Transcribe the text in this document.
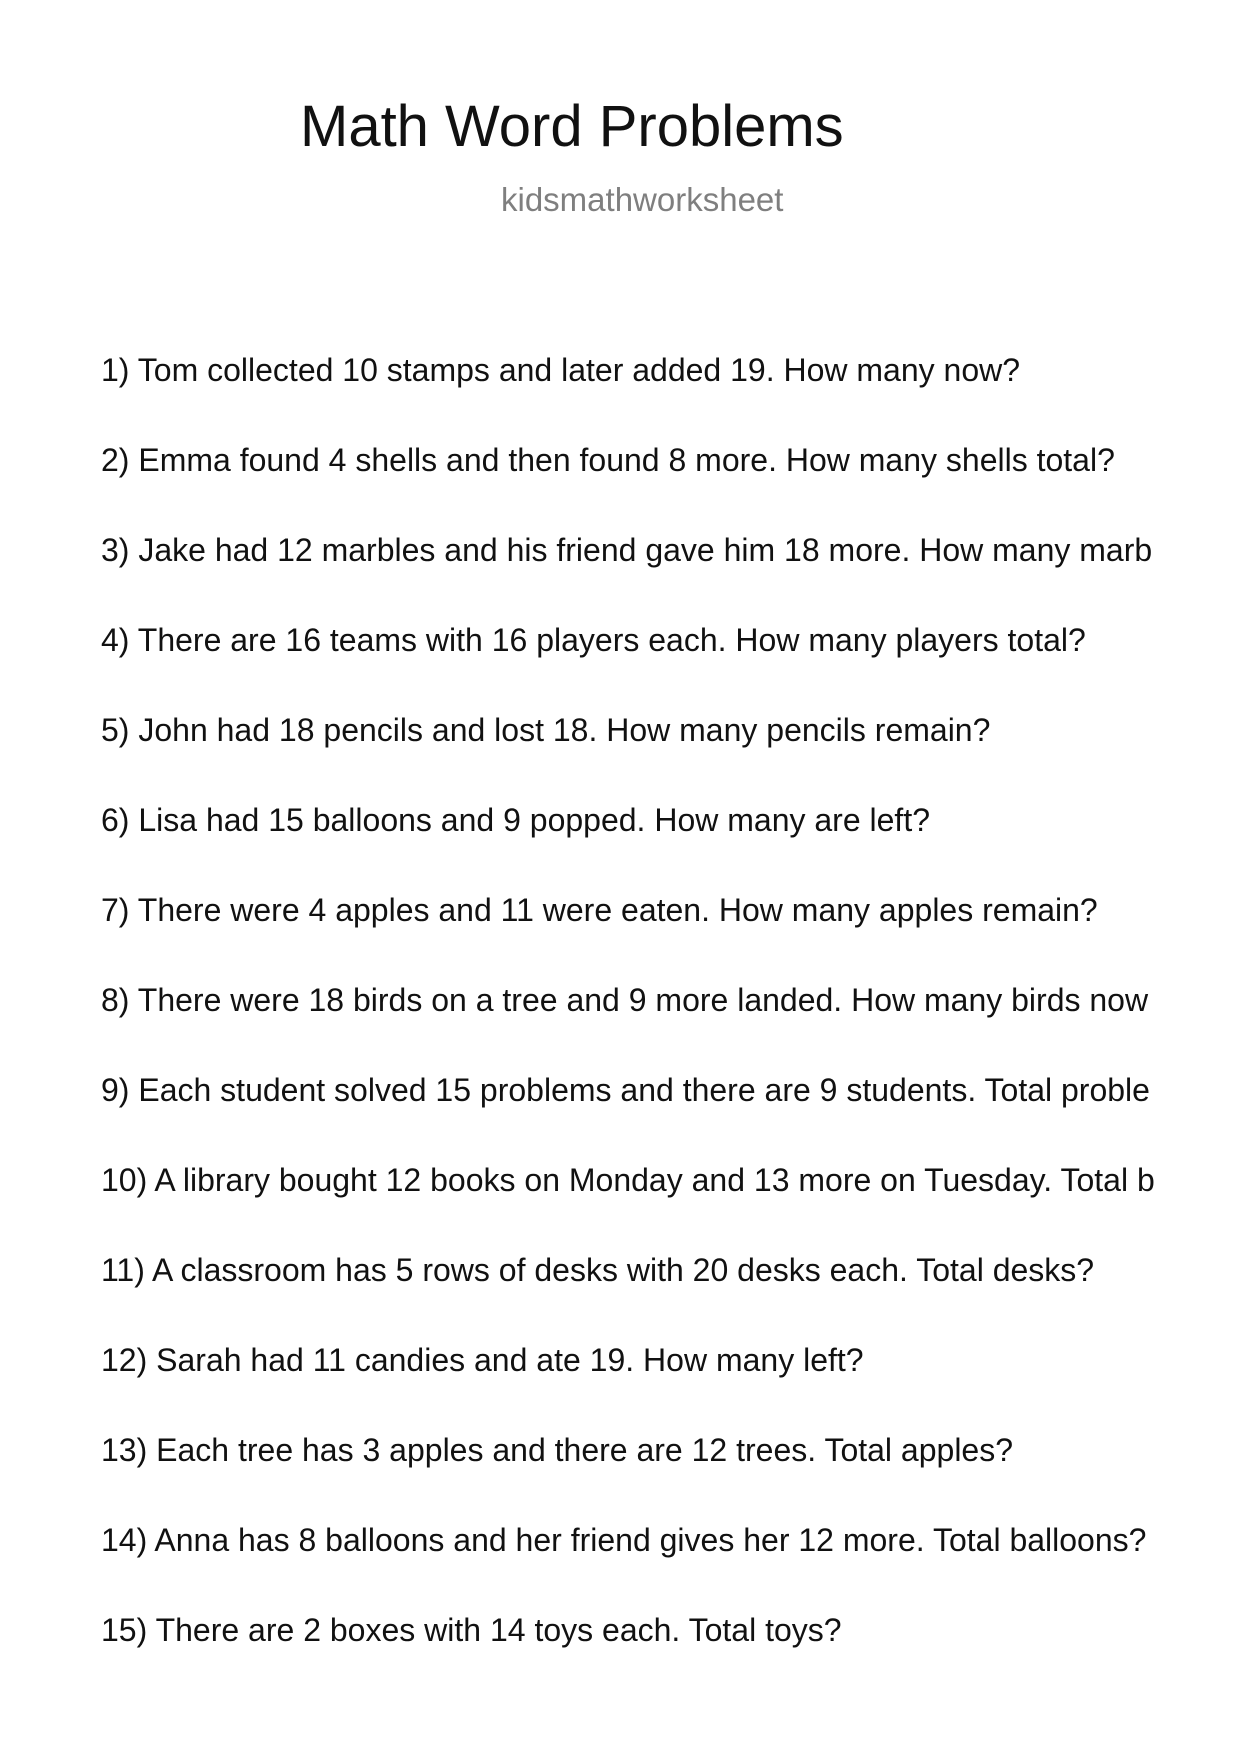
Math Word Problems
kidsmathworksheet
1) Tom collected 10 stamps and later added 19. How many now?
2) Emma found 4 shells and then found 8 more. How many shells total?
3) Jake had 12 marbles and his friend gave him 18 more. How many marb
4) There are 16 teams with 16 players each. How many players total?
5) John had 18 pencils and lost 18. How many pencils remain?
6) Lisa had 15 balloons and 9 popped. How many are left?
7) There were 4 apples and 11 were eaten. How many apples remain?
8) There were 18 birds on a tree and 9 more landed. How many birds now
9) Each student solved 15 problems and there are 9 students. Total proble
10) A library bought 12 books on Monday and 13 more on Tuesday. Total b
11) A classroom has 5 rows of desks with 20 desks each. Total desks?
12) Sarah had 11 candies and ate 19. How many left?
13) Each tree has 3 apples and there are 12 trees. Total apples?
14) Anna has 8 balloons and her friend gives her 12 more. Total balloons?
15) There are 2 boxes with 14 toys each. Total toys?
